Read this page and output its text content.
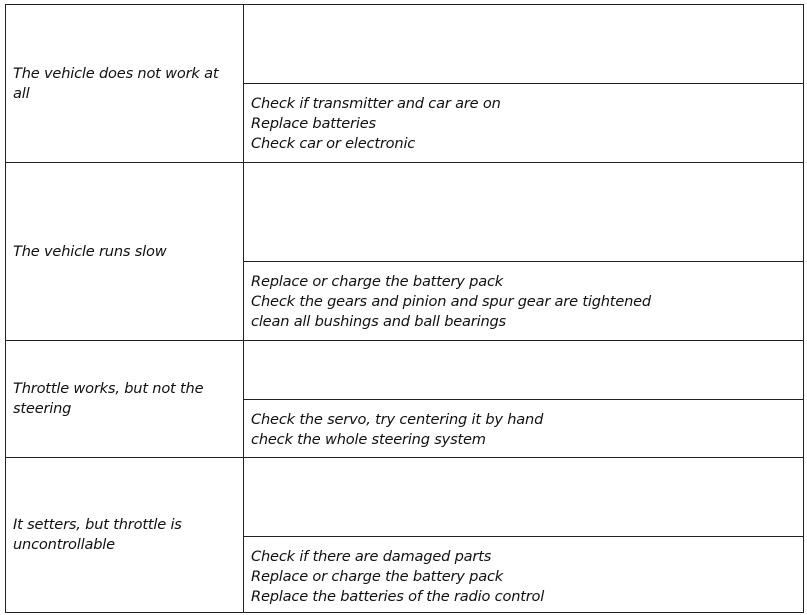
The vehicle does not work at all
Check if transmitter and car are on
Replace batteries
Check car or electronic
The vehicle runs slow
Replace or charge the battery pack
Check the gears and pinion and spur gear are tightened
clean all bushings and ball bearings
Throttle works, but not the steering
Check the servo, try centering it by hand
check the whole steering system
It setters, but throttle is uncontrollable
Check if there are damaged parts
Replace or charge the battery pack
Replace the batteries of the radio control
